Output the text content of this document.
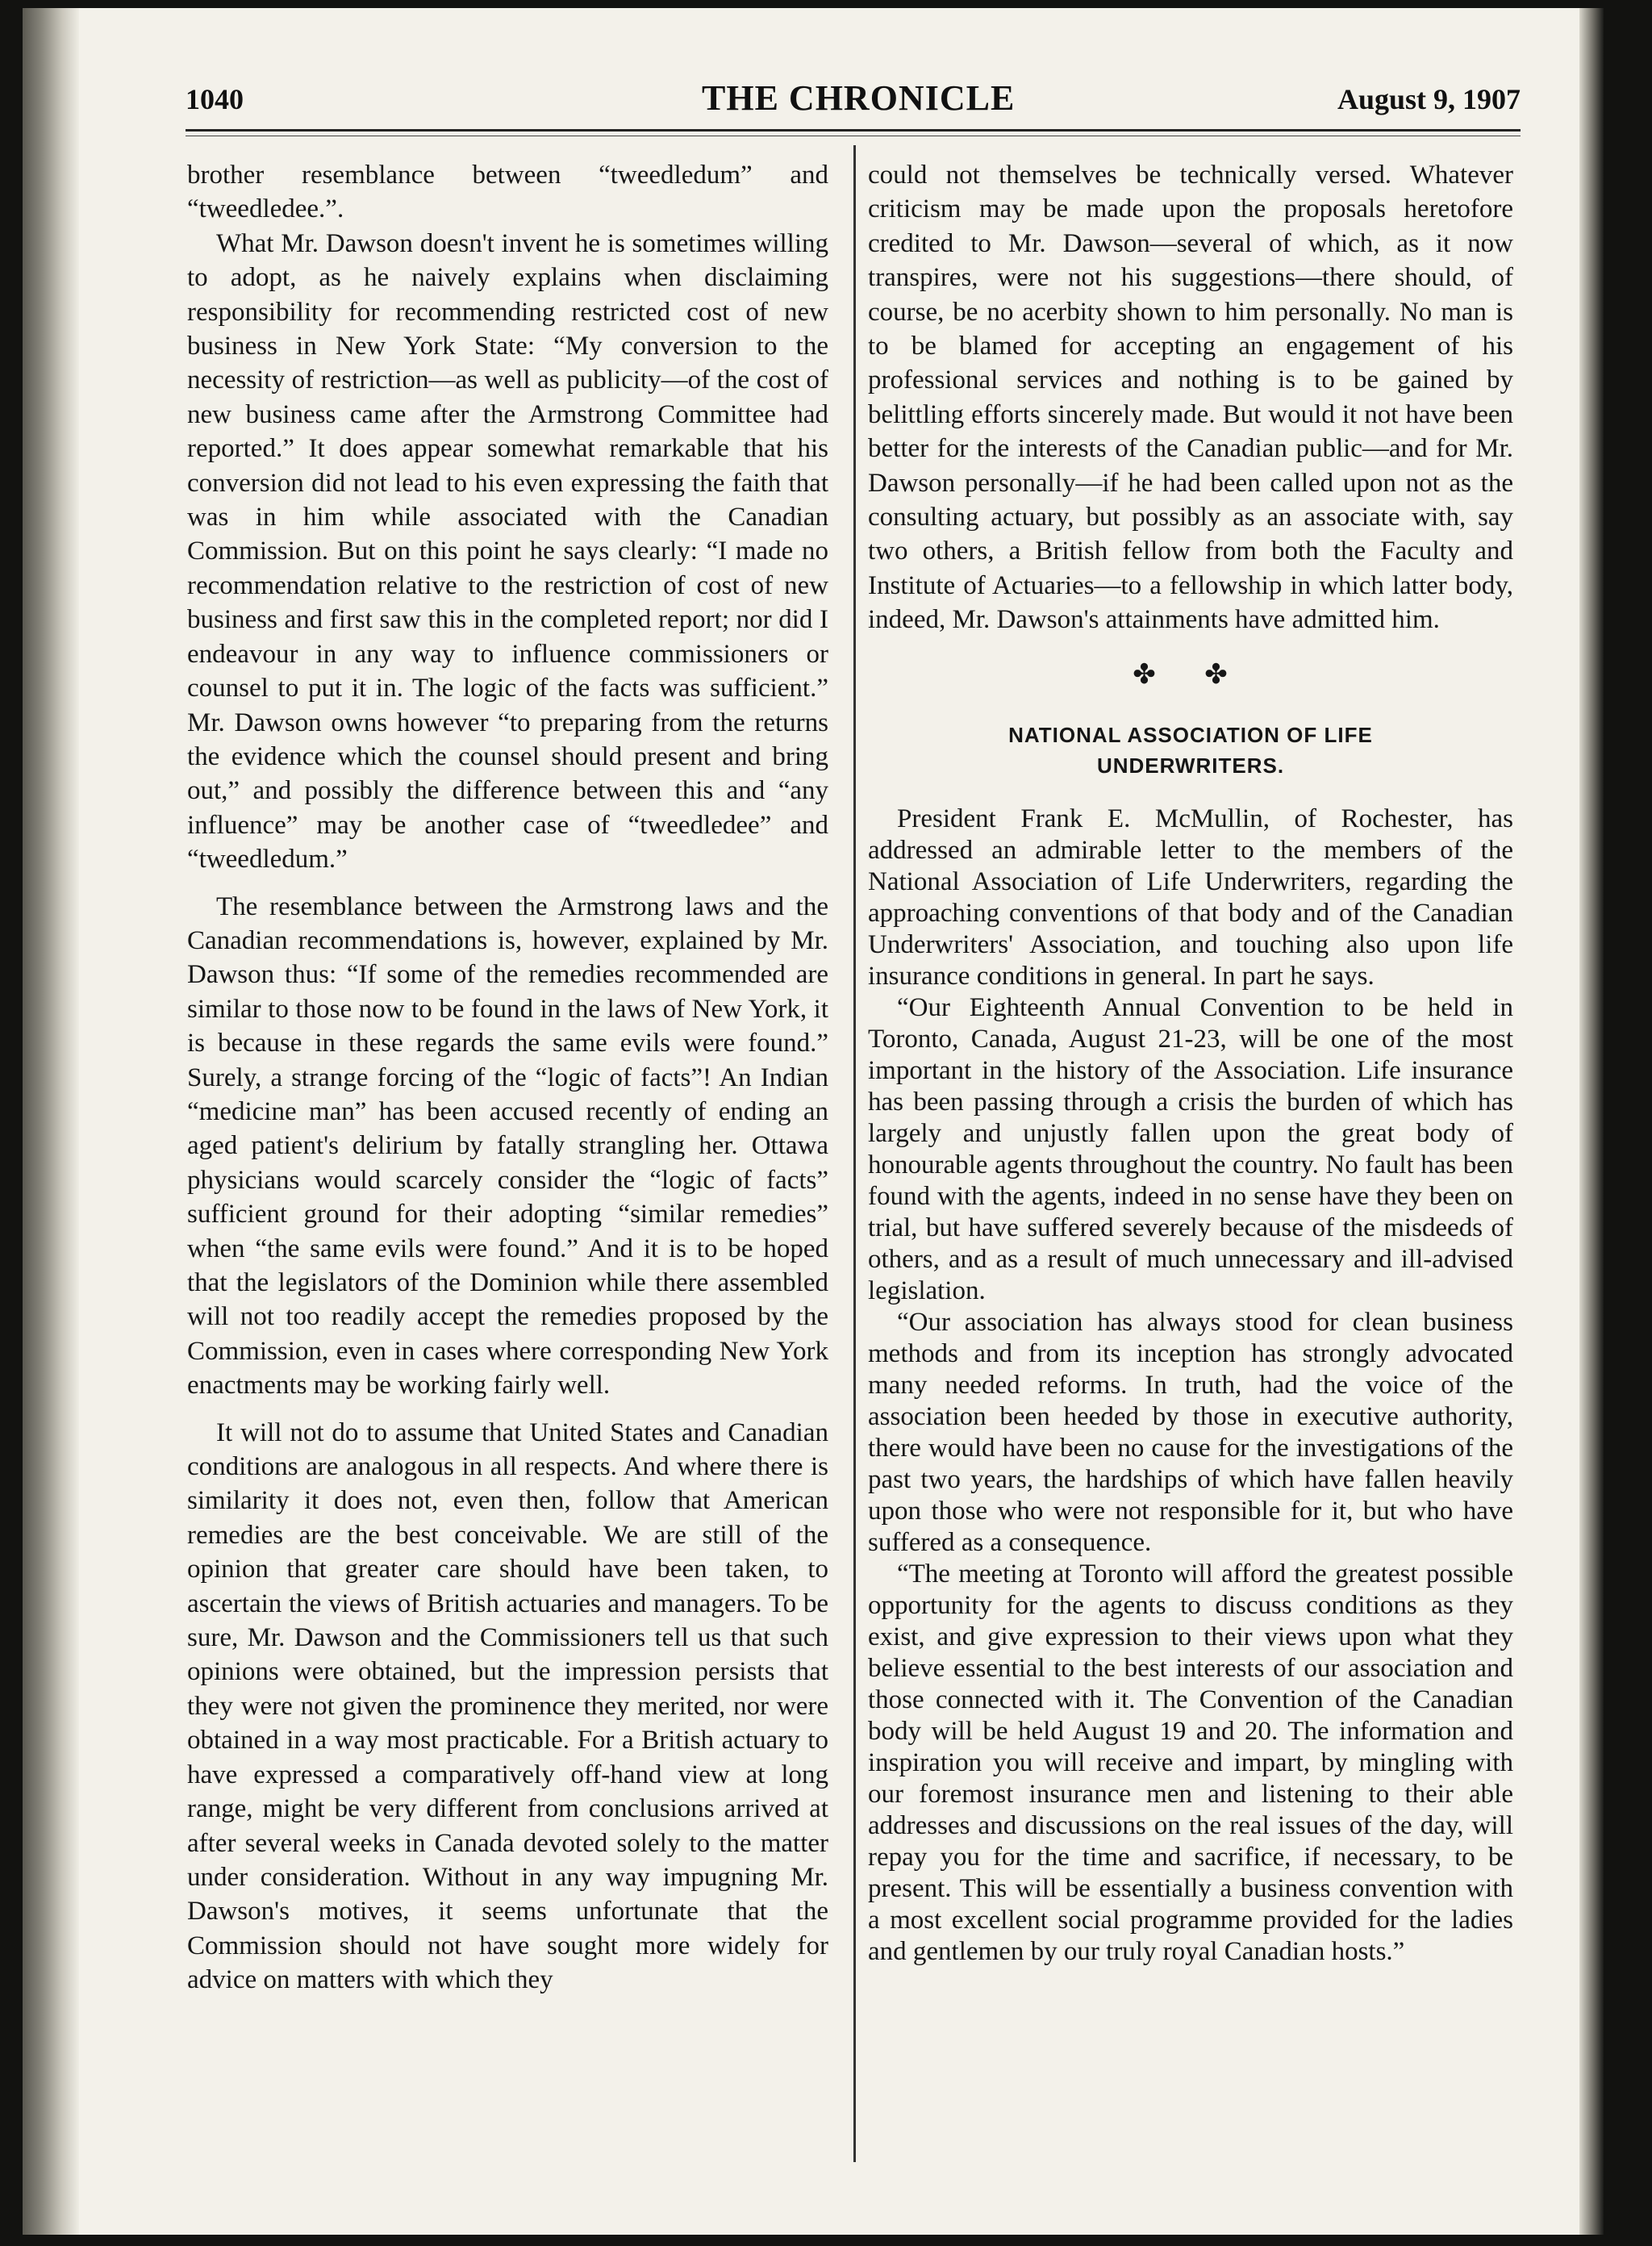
1040	THE CHRONICLE	August 9, 1907

brother resemblance between “tweedledum” and “tweedledee.”.

What Mr. Dawson doesn't invent he is sometimes willing to adopt, as he naively explains when disclaiming responsibility for recommending restricted cost of new business in New York State: “My conversion to the necessity of restriction—as well as publicity—of the cost of new business came after the Armstrong Committee had reported.” It does appear somewhat remarkable that his conversion did not lead to his even expressing the faith that was in him while associated with the Canadian Commission. But on this point he says clearly: “I made no recommendation relative to the restriction of cost of new business and first saw this in the completed report; nor did I endeavour in any way to influence commissioners or counsel to put it in. The logic of the facts was sufficient.” Mr. Dawson owns however “to preparing from the returns the evidence which the counsel should present and bring out,” and possibly the difference between this and “any influence” may be another case of “tweedledee” and “tweedledum.”

The resemblance between the Armstrong laws and the Canadian recommendations is, however, explained by Mr. Dawson thus: “If some of the remedies recommended are similar to those now to be found in the laws of New York, it is because in these regards the same evils were found.” Surely, a strange forcing of the “logic of facts”! An Indian “medicine man” has been accused recently of ending an aged patient's delirium by fatally strangling her. Ottawa physicians would scarcely consider the “logic of facts” sufficient ground for their adopting “similar remedies” when “the same evils were found.” And it is to be hoped that the legislators of the Dominion while there assembled will not too readily accept the remedies proposed by the Commission, even in cases where corresponding New York enactments may be working fairly well.

It will not do to assume that United States and Canadian conditions are analogous in all respects. And where there is similarity it does not, even then, follow that American remedies are the best conceivable. We are still of the opinion that greater care should have been taken, to ascertain the views of British actuaries and managers. To be sure, Mr. Dawson and the Commissioners tell us that such opinions were obtained, but the impression persists that they were not given the prominence they merited, nor were obtained in a way most practicable. For a British actuary to have expressed a comparatively off-hand view at long range, might be very different from conclusions arrived at after several weeks in Canada devoted solely to the matter under consideration. Without in any way impugning Mr. Dawson's motives, it seems unfortunate that the Commission should not have sought more widely for advice on matters with which they

could not themselves be technically versed. Whatever criticism may be made upon the proposals heretofore credited to Mr. Dawson—several of which, as it now transpires, were not his suggestions—there should, of course, be no acerbity shown to him personally. No man is to be blamed for accepting an engagement of his professional services and nothing is to be gained by belittling efforts sincerely made. But would it not have been better for the interests of the Canadian public—and for Mr. Dawson personally—if he had been called upon not as the consulting actuary, but possibly as an associate with, say two others, a British fellow from both the Faculty and Institute of Actuaries—to a fellowship in which latter body, indeed, Mr. Dawson's attainments have admitted him.

✤ ✤
NATIONAL ASSOCIATION OF LIFE
UNDERWRITERS.

President Frank E. McMullin, of Rochester, has addressed an admirable letter to the members of the National Association of Life Underwriters, regarding the approaching conventions of that body and of the Canadian Underwriters' Association, and touching also upon life insurance conditions in general. In part he says.

“Our Eighteenth Annual Convention to be held in Toronto, Canada, August 21-23, will be one of the most important in the history of the Association. Life insurance has been passing through a crisis the burden of which has largely and unjustly fallen upon the great body of honourable agents throughout the country. No fault has been found with the agents, indeed in no sense have they been on trial, but have suffered severely because of the misdeeds of others, and as a result of much unnecessary and ill-advised legislation.

“Our association has always stood for clean business methods and from its inception has strongly advocated many needed reforms. In truth, had the voice of the association been heeded by those in executive authority, there would have been no cause for the investigations of the past two years, the hardships of which have fallen heavily upon those who were not responsible for it, but who have suffered as a consequence.

“The meeting at Toronto will afford the greatest possible opportunity for the agents to discuss conditions as they exist, and give expression to their views upon what they believe essential to the best interests of our association and those connected with it. The Convention of the Canadian body will be held August 19 and 20. The information and inspiration you will receive and impart, by mingling with our foremost insurance men and listening to their able addresses and discussions on the real issues of the day, will repay you for the time and sacrifice, if necessary, to be present. This will be essentially a business convention with a most excellent social programme provided for the ladies and gentlemen by our truly royal Canadian hosts.”
